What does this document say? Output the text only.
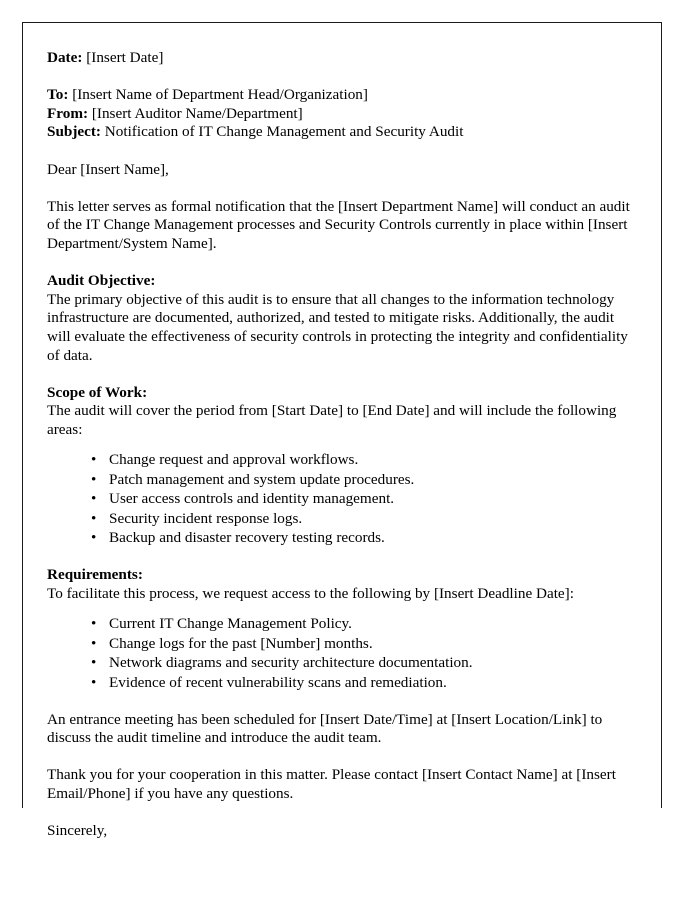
Date: [Insert Date]

To: [Insert Name of Department Head/Organization]

From: [Insert Auditor Name/Department]

Subject: Notification of IT Change Management and Security Audit

Dear [Insert Name],

This letter serves as formal notification that the [Insert Department Name] will conduct an audit of the IT Change Management processes and Security Controls currently in place within [Insert Department/System Name].

Audit Objective:

The primary objective of this audit is to ensure that all changes to the information technology infrastructure are documented, authorized, and tested to mitigate risks. Additionally, the audit will evaluate the effectiveness of security controls in protecting the integrity and confidentiality of data.

Scope of Work:

The audit will cover the period from [Start Date] to [End Date] and will include the following areas:

• Change request and approval workflows.
• Patch management and system update procedures.
• User access controls and identity management.
• Security incident response logs.
• Backup and disaster recovery testing records.

Requirements:

To facilitate this process, we request access to the following by [Insert Deadline Date]:

• Current IT Change Management Policy.
• Change logs for the past [Number] months.
• Network diagrams and security architecture documentation.
• Evidence of recent vulnerability scans and remediation.

An entrance meeting has been scheduled for [Insert Date/Time] at [Insert Location/Link] to discuss the audit timeline and introduce the audit team.

Thank you for your cooperation in this matter. Please contact [Insert Contact Name] at [Insert Email/Phone] if you have any questions.

Sincerely,
